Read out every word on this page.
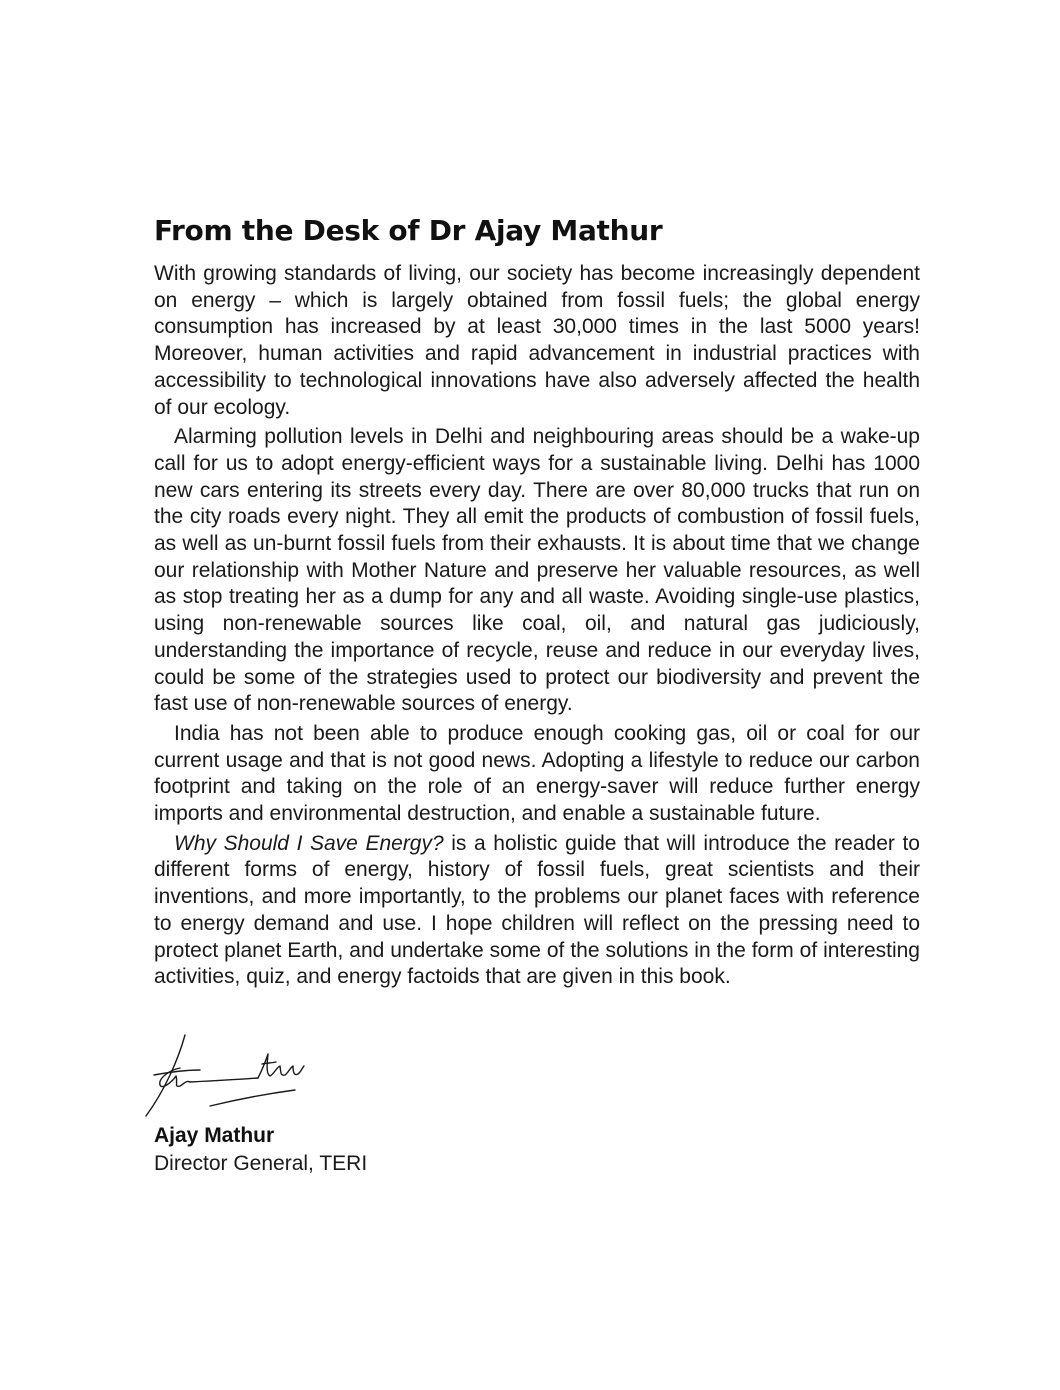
From the Desk of Dr Ajay Mathur

With growing standards of living, our society has become increasingly dependent on energy – which is largely obtained from fossil fuels; the global energy consumption has increased by at least 30,000 times in the last 5000 years! Moreover, human activities and rapid advancement in industrial practices with accessibility to technological innovations have also adversely affected the health of our ecology.

Alarming pollution levels in Delhi and neighbouring areas should be a wake-up call for us to adopt energy-efficient ways for a sustainable living. Delhi has 1000 new cars entering its streets every day. There are over 80,000 trucks that run on the city roads every night. They all emit the products of combustion of fossil fuels, as well as un-burnt fossil fuels from their exhausts. It is about time that we change our relationship with Mother Nature and preserve her valuable resources, as well as stop treating her as a dump for any and all waste. Avoiding single-use plastics, using non-renewable sources like coal, oil, and natural gas judiciously, understanding the importance of recycle, reuse and reduce in our everyday lives, could be some of the strategies used to protect our biodiversity and prevent the fast use of non-renewable sources of energy.

India has not been able to produce enough cooking gas, oil or coal for our current usage and that is not good news. Adopting a lifestyle to reduce our carbon footprint and taking on the role of an energy-saver will reduce further energy imports and environmental destruction, and enable a sustainable future.

Why Should I Save Energy? is a holistic guide that will introduce the reader to different forms of energy, history of fossil fuels, great scientists and their inventions, and more importantly, to the problems our planet faces with reference to energy demand and use. I hope children will reflect on the pressing need to protect planet Earth, and undertake some of the solutions in the form of interesting activities, quiz, and energy factoids that are given in this book.

Ajay Mathur
Director General, TERI
